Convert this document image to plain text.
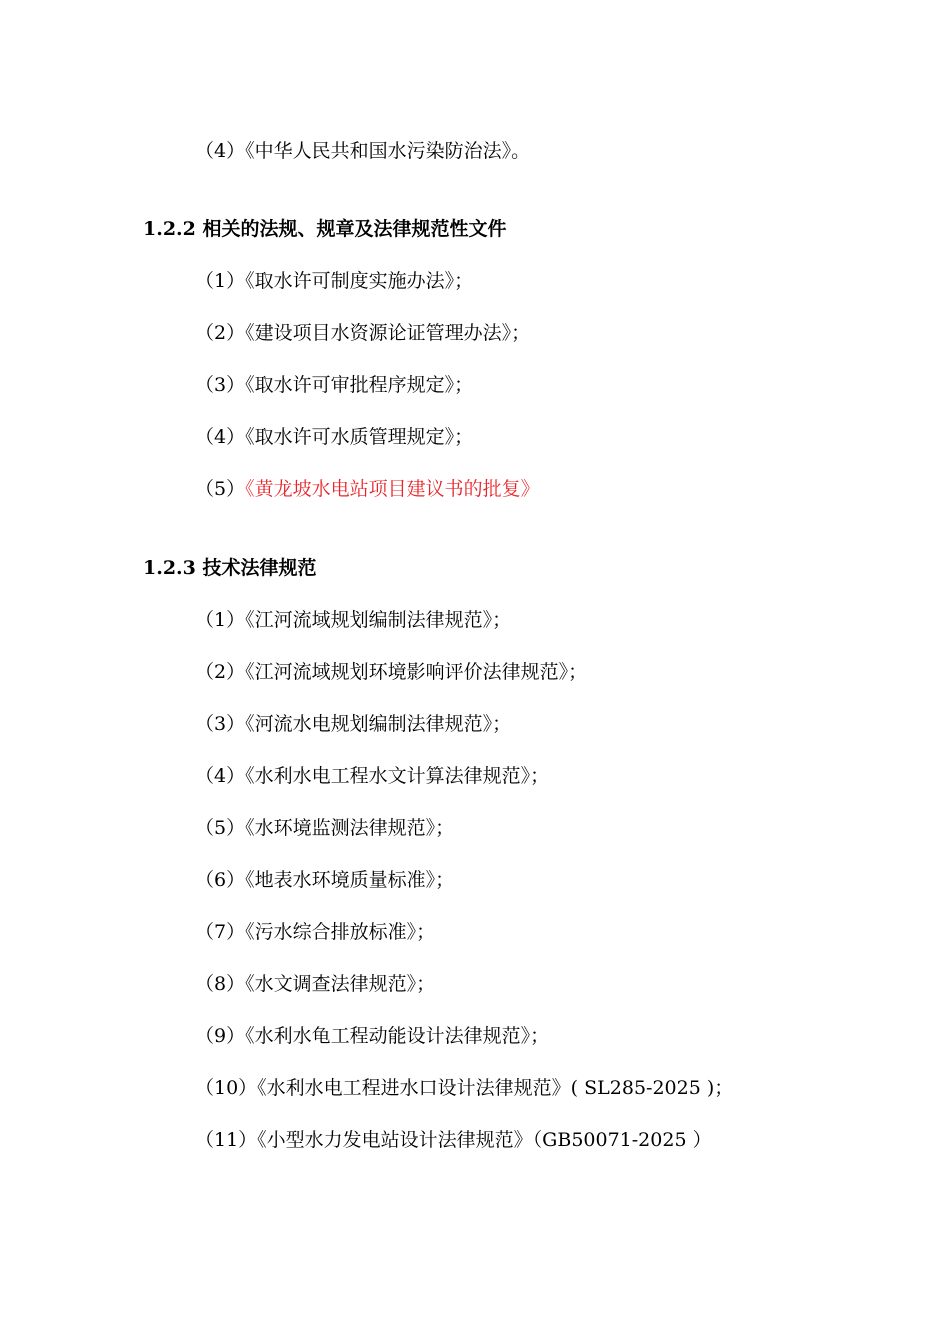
（4）《中华人民共和国水污染防治法》。
1.2.2 相关的法规、规章及法律规范性文件
（1）《取水许可制度实施办法》；
（2）《建设项目水资源论证管理办法》；
（3）《取水许可审批程序规定》；
（4）《取水许可水质管理规定》；
（5）《黄龙坡水电站项目建议书的批复》
1.2.3 技术法律规范
（1）《江河流域规划编制法律规范》；
（2）《江河流域规划环境影响评价法律规范》；
（3）《河流水电规划编制法律规范》；
（4）《水利水电工程水文计算法律规范》；
（5）《水环境监测法律规范》；
（6）《地表水环境质量标准》；
（7）《污水综合排放标准》；
（8）《水文调查法律规范》；
（9）《水利水龟工程动能设计法律规范》；
（10）《水利水电工程进水口设计法律规范》( SL285-2025 )；
（11）《小型水力发电站设计法律规范》（GB50071-2025 ）
